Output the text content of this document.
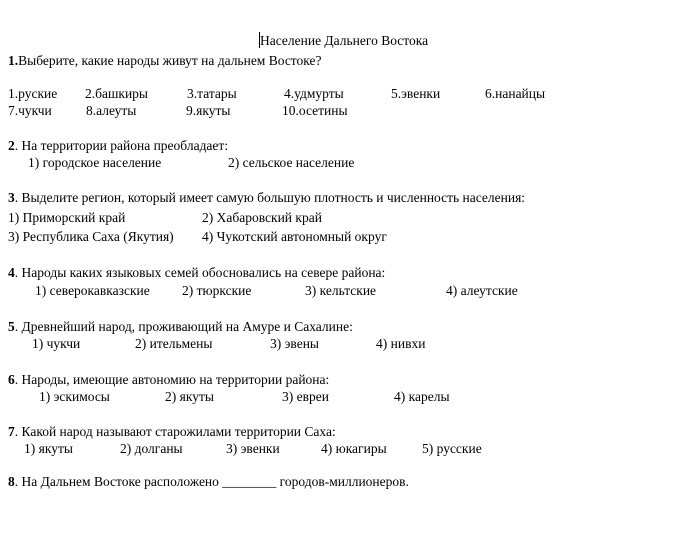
Население Дальнего Востока
1.Выберите, какие народы живут на дальнем Востоке?
1.руские 2.башкиры	3.татары	4.удмурты	5.эвенки	6.нанайцы
7.чукчи	8.алеуты	9.якуты	10.осетины
2. На территории района преобладает:
1) городское население	2) сельское население
3. Выделите регион, который имеет самую большую плотность и численность населения:
1) Приморский край	2) Хабаровский край
3) Республика Саха (Якутия) 4) Чукотский автономный округ
4. Народы каких языковых семей обосновались на севере района:
1) северокавказские 2) тюркские	3) кельтские	4) алеутские
5. Древнейший народ, проживающий на Амуре и Сахалине:
1) чукчи	2) ительмены	3) эвены	4) нивхи
6. Народы, имеющие автономию на территории района:
1) эскимосы	2) якуты	3) евреи	4) карелы
7. Какой народ называют старожилами территории Саха:
1) якуты	2) долганы	3) эвенки	4) юкагиры	5) русские
8. На Дальнем Востоке расположено ________ городов-миллионеров.
